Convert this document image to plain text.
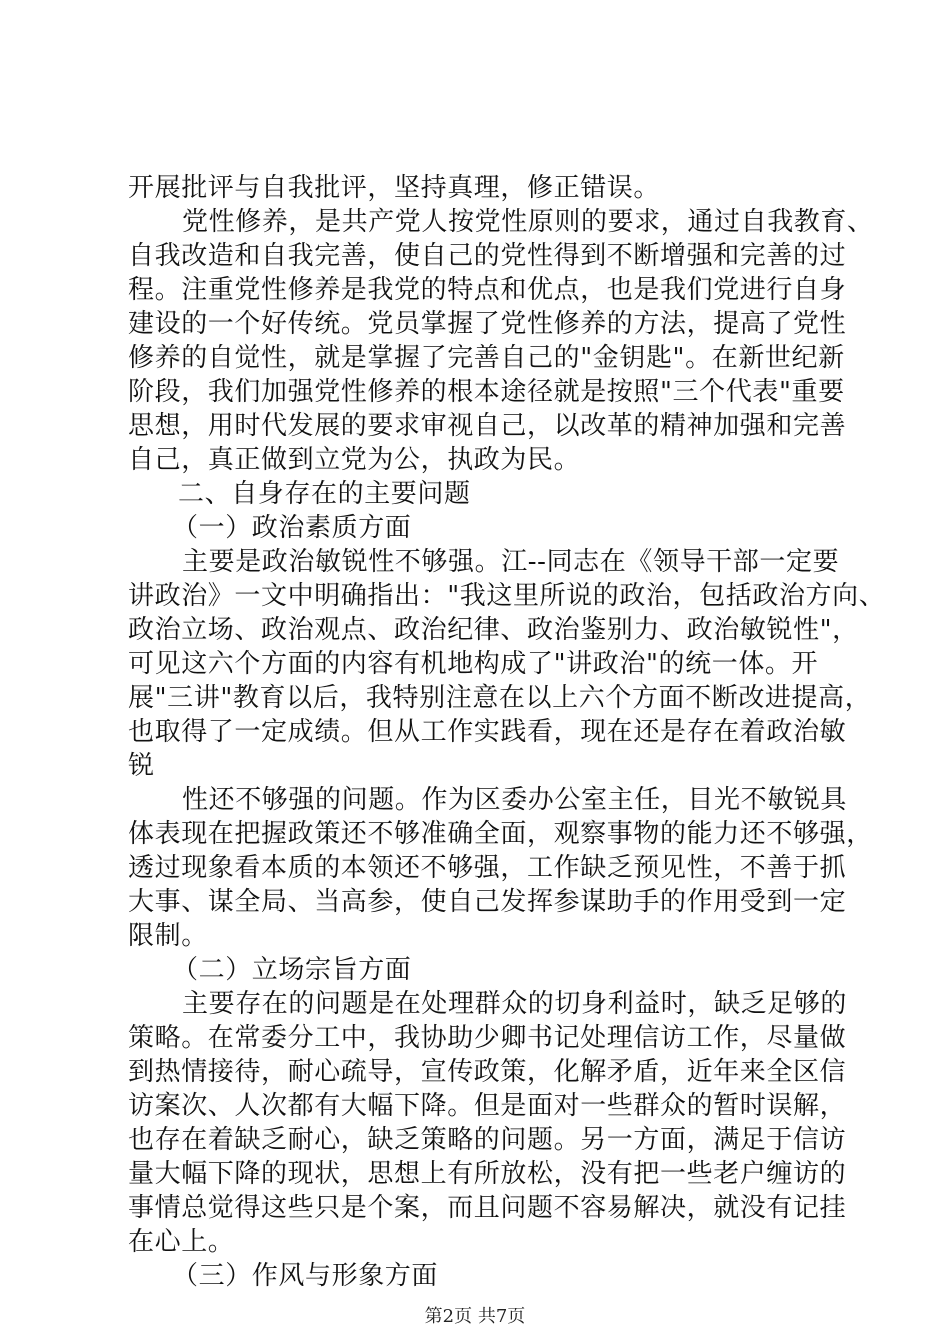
开展批评与自我批评，坚持真理，修正错误。
党性修养，是共产党人按党性原则的要求，通过自我教育、
自我改造和自我完善，使自己的党性得到不断增强和完善的过
程。注重党性修养是我党的特点和优点，也是我们党进行自身
建设的一个好传统。党员掌握了党性修养的方法，提高了党性
修养的自觉性，就是掌握了完善自己的"金钥匙"。在新世纪新
阶段，我们加强党性修养的根本途径就是按照"三个代表"重要
思想，用时代发展的要求审视自己，以改革的精神加强和完善
自己，真正做到立党为公，执政为民。
二、自身存在的主要问题
（一）政治素质方面
主要是政治敏锐性不够强。江--同志在《领导干部一定要
讲政治》一文中明确指出："我这里所说的政治，包括政治方向、
政治立场、政治观点、政治纪律、政治鉴别力、政治敏锐性"，
可见这六个方面的内容有机地构成了"讲政治"的统一体。开
展"三讲"教育以后，我特别注意在以上六个方面不断改进提高，
也取得了一定成绩。但从工作实践看，现在还是存在着政治敏
锐
性还不够强的问题。作为区委办公室主任，目光不敏锐具
体表现在把握政策还不够准确全面，观察事物的能力还不够强，
透过现象看本质的本领还不够强，工作缺乏预见性，不善于抓
大事、谋全局、当高参，使自己发挥参谋助手的作用受到一定
限制。
（二）立场宗旨方面
主要存在的问题是在处理群众的切身利益时，缺乏足够的
策略。在常委分工中，我协助少卿书记处理信访工作，尽量做
到热情接待，耐心疏导，宣传政策，化解矛盾，近年来全区信
访案次、人次都有大幅下降。但是面对一些群众的暂时误解，
也存在着缺乏耐心，缺乏策略的问题。另一方面，满足于信访
量大幅下降的现状，思想上有所放松，没有把一些老户缠访的
事情总觉得这些只是个案，而且问题不容易解决，就没有记挂
在心上。
（三）作风与形象方面
第2页 共7页
